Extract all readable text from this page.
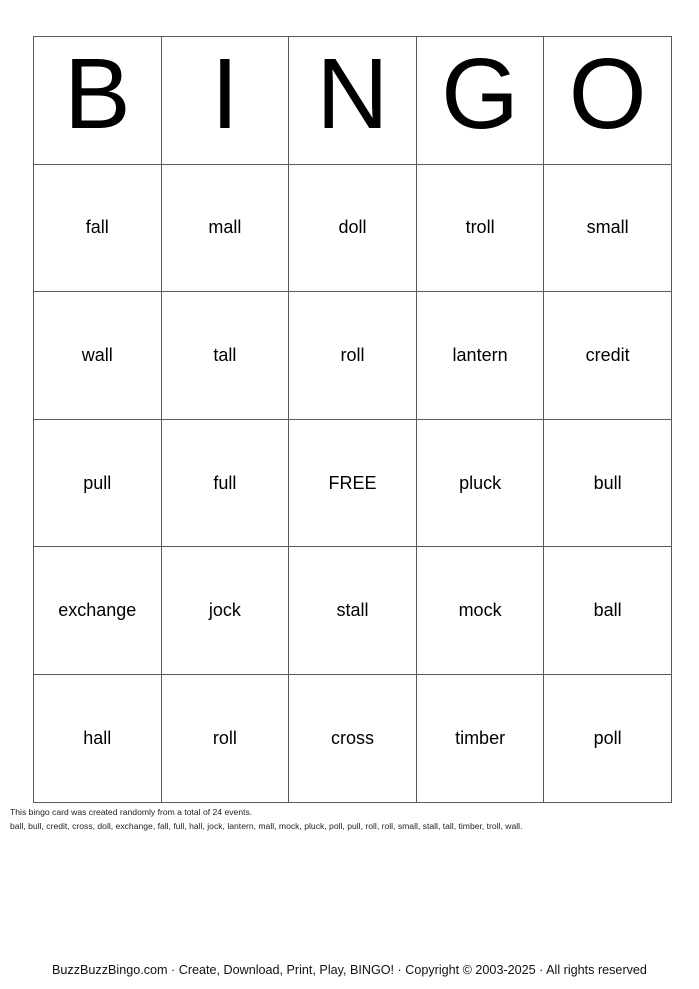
B	I	N	G	O
fall	mall	doll	troll	small
wall	tall	roll	lantern	credit
pull	full	FREE	pluck	bull
exchange	jock	stall	mock	ball
hall	roll	cross	timber	poll
This bingo card was created randomly from a total of 24 events.
ball, bull, credit, cross, doll, exchange, fall, full, hall, jock, lantern, mall, mock, pluck, poll, pull, roll, roll, small, stall, tall, timber, troll, wall.
BuzzBuzzBingo.com · Create, Download, Print, Play, BINGO! · Copyright © 2003-2025 · All rights reserved
